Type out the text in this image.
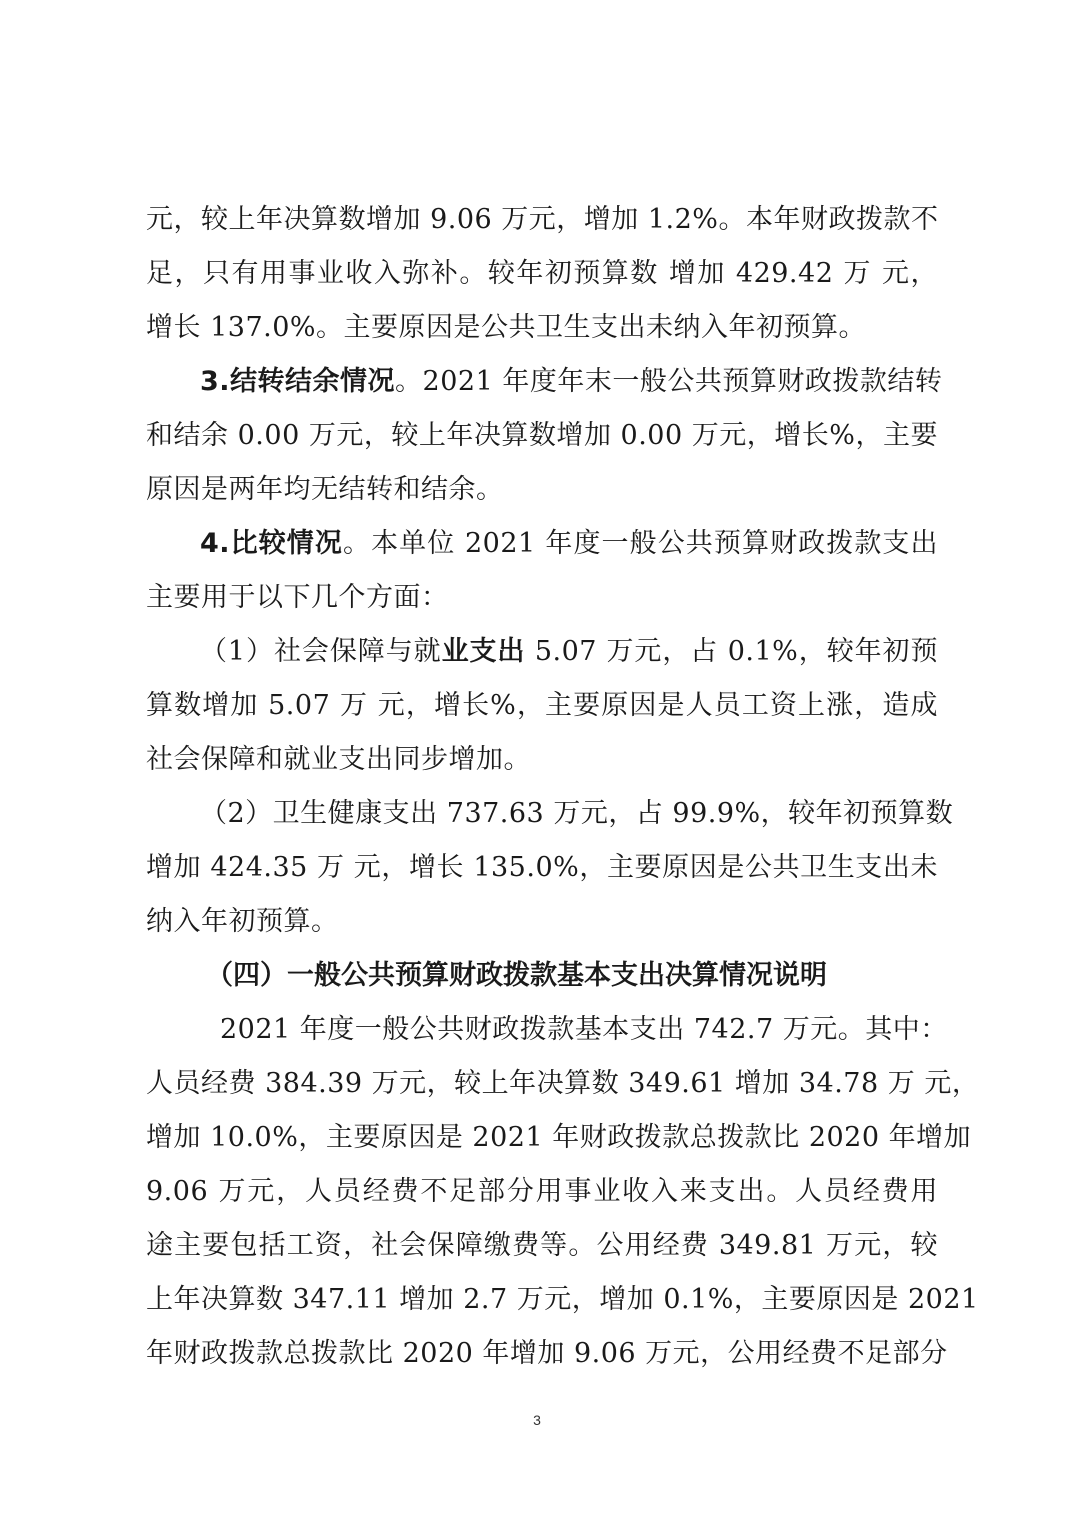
元，较上年决算数增加 9.06 万元，增加 1.2%。本年财政拨款不
足，只有用事业收入弥补。较年初预算数 增加 429.42 万 元，
增长 137.0%。主要原因是公共卫生支出未纳入年初预算。
3.结转结余情况。2021 年度年末一般公共预算财政拨款结转
和结余 0.00 万元，较上年决算数增加 0.00 万元，增长%，主要
原因是两年均无结转和结余。
4.比较情况。本单位 2021 年度一般公共预算财政拨款支出
主要用于以下几个方面：
（1）社会保障与就业支出 5.07 万元，占 0.1%，较年初预
算数增加 5.07 万 元，增长%，主要原因是人员工资上涨，造成
社会保障和就业支出同步增加。
（2）卫生健康支出 737.63 万元，占 99.9%，较年初预算数
增加 424.35 万 元，增长 135.0%，主要原因是公共卫生支出未
纳入年初预算。
（四）一般公共预算财政拨款基本支出决算情况说明
2021 年度一般公共财政拨款基本支出 742.7 万元。其中：
人员经费 384.39 万元，较上年决算数 349.61 增加 34.78 万 元，
增加 10.0%，主要原因是 2021 年财政拨款总拨款比 2020 年增加
9.06 万元，人员经费不足部分用事业收入来支出。人员经费用
途主要包括工资，社会保障缴费等。公用经费 349.81 万元，较
上年决算数 347.11 增加 2.7 万元，增加 0.1%，主要原因是 2021
年财政拨款总拨款比 2020 年增加 9.06 万元，公用经费不足部分
3
